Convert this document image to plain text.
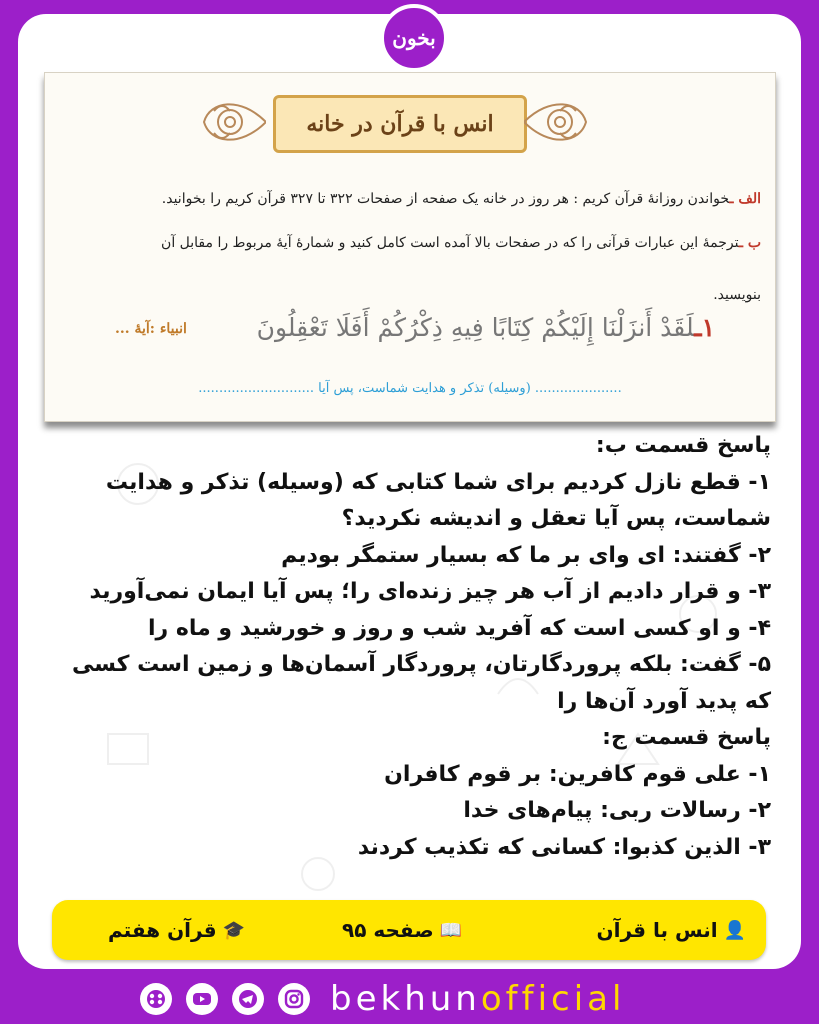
انس با قرآن در خانه
الف ـخواندن روزانهٔ قرآن کریم : هر روز در خانه یک صفحه از صفحات ۳۲۲ تا ۳۲۷ قرآن کریم را بخوانید.
ب ـترجمهٔ این عبارات قرآنی را که در صفحات بالا آمده است کامل کنید و شمارهٔ آیهٔ مربوط را مقابل آن
بنویسید.
۱ـلَقَدْ أَنزَلْنَا إِلَيْكُمْ كِتَابًا فِيهِ ذِكْرُكُمْ أَفَلَا تَعْقِلُونَ
انبیاء :آیهٔ ...
..................... (وسیله) تذکر و هدایت شماست، پس آیا ............................
پاسخ قسمت ب:
۱- قطع نازل کردیم برای شما کتابی که (وسیله) تذکر و هدایت شماست، پس آیا تعقل و اندیشه نکردید؟
۲- گفتند: ای وای بر ما که بسیار ستمگر بودیم
۳- و قرار دادیم از آب هر چیز زنده‌ای را؛ پس آیا ایمان نمی‌آورید
۴- و او کسی است که آفرید شب و روز و خورشید و ماه را
۵- گفت: بلکه پروردگارتان، پروردگار آسمان‌ها و زمین است کسی که پدید آورد آن‌ها را
پاسخ قسمت ج:
۱- علی قوم کافرین: بر قوم کافران
۲- رسالات ربی: پیام‌های خدا
۳- الذین کذبوا: کسانی که تکذیب کردند
👤
انس با قرآن
📖
صفحه ۹۵
🎓
قرآن هفتم
بخون
bekhunofficial
